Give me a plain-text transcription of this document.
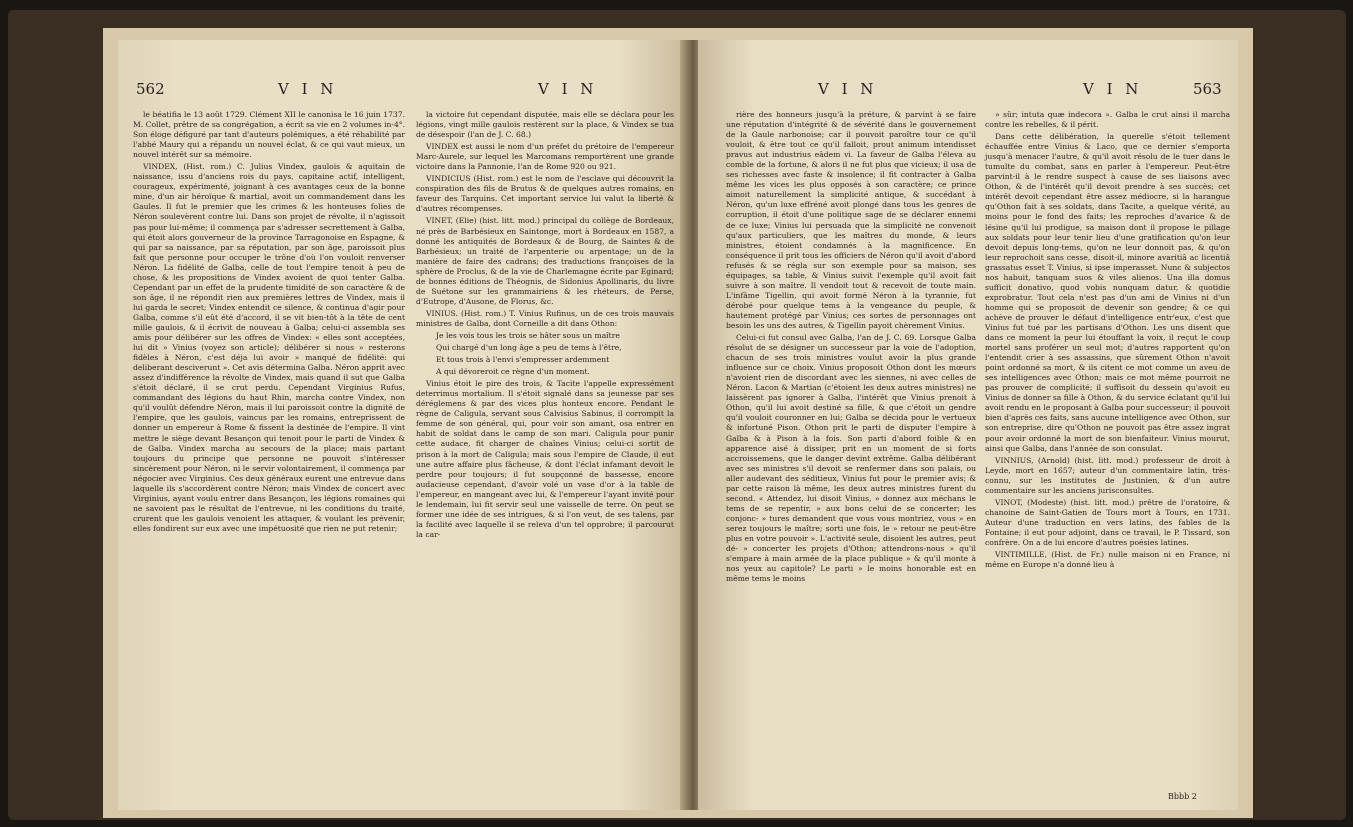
562	V I N	V I N

le béatifia le 13 août 1729. Clément XII le canonisa le 16 juin 1737. M. Collet, prêtre de sa congrégation, a écrit sa vie en 2 volumes in-4°. Son éloge défiguré par tant d'auteurs polémiques, a été réhabilité par l'abbé Maury qui a répandu un nouvel éclat, & ce qui vaut mieux, un nouvel intérêt sur sa mémoire.

VINDEX, (Hist. rom.) C. Julius Vindex, gaulois & aquitain de naissance, issu d'anciens rois du pays, capitaine actif, intelligent, courageux, expérimenté, joignant à ces avantages ceux de la bonne mine, d'un air héroïque & martial, avoit un commandement dans les Gaules. Il fut le premier que les crimes & les honteuses folies de Néron soulevèrent contre lui. Dans son projet de révolte, il n'agissoit pas pour lui-même; il commença par s'adresser secrettement à Galba, qui étoit alors gouverneur de la province Tarragonoise en Espagne, & qui par sa naissance, par sa réputation, par son âge, paroissoit plus fait que personne pour occuper le trône d'où l'on vouloit renverser Néron. La fidélité de Galba, celle de tout l'empire tenoit à peu de chose, & les propositions de Vindex avoient de quoi tenter Galba. Cependant par un effet de la prudente timidité de son caractère & de son âge, il ne répondit rien aux premières lettres de Vindex, mais il lui garda le secret; Vindex entendit ce silence, & continua d'agir pour Galba, comme s'il eût été d'accord, il se vit bien-tôt à la tête de cent mille gaulois, & il écrivit de nouveau à Galba; celui-ci assembla ses amis pour délibérer sur les offres de Vindex: « elles sont acceptées, lui dit » Vinius (voyez son article); délibérer si nous » resterons fidèles à Néron, c'est déja lui avoir » manqué de fidélité: qui deliberant desciverunt ». Cet avis détermina Galba. Néron apprit avec assez d'indifférence la révolte de Vindex, mais quand il sut que Galba s'étoit déclaré, il se crut perdu. Cependant Virginius Rufus, commandant des légions du haut Rhin, marcha contre Vindex, non qu'il voulût défendre Néron, mais il lui paroissoit contre la dignité de l'empire, que les gaulois, vaincus par les romains, entreprissent de donner un empereur à Rome & fissent la destinée de l'empire. Il vint mettre le siège devant Besançon qui tenoit pour le parti de Vindex & de Galba. Vindex marcha au secours de la place; mais partant toujours du principe que personne ne pouvoit s'intéresser sincèrement pour Néron, ni le servir volontairement, il commença par négocier avec Virginius. Ces deux généraux eurent une entrevue dans laquelle ils s'accordèrent contre Néron; mais Vindex de concert avec Virginius, ayant voulu entrer dans Besançon, les légions romaines qui ne savoient pas le résultat de l'entrevue, ni les conditions du traité, crurent que les gaulois venoient les attaquer, & voulant les prévenir, elles fondirent sur eux avec une impétuosité que rien ne put retenir;

la victoire fut cependant disputée, mais elle se déclara pour les légions, vingt mille gaulois restèrent sur la place, & Vindex se tua de désespoir (l'an de J. C. 68.)

VINDEX est aussi le nom d'un préfet du prétoire de l'empereur Marc-Aurele, sur lequel les Marcomans remportèrent une grande victoire dans la Pannonie, l'an de Rome 920 ou 921.

VINDICIUS (Hist. rom.) est le nom de l'esclave qui découvrit la conspiration des fils de Brutus & de quelques autres romains, en faveur des Tarquins. Cet important service lui valut la liberté & d'autres récompenses.

VINET, (Elie) (hist. litt. mod.) principal du collège de Bordeaux, né près de Barbésieux en Saintonge, mort à Bordeaux en 1587, a donné les antiquités de Bordeaux & de Bourg, de Saintes & de Barbésieux; un traité de l'arpenterie ou arpentage; un de la manière de faire des cadrans; des traductions françoises de la sphère de Proclus, & de la vie de Charlemagne écrite par Eginard; de bonnes éditions de Théognis, de Sidonius Apollinaris, du livre de Suétone sur les grammairiens & les rhéteurs, de Perse, d'Eutrope, d'Ausone, de Florus, &c.

VINIUS. (Hist. rom.) T. Vinius Rufinus, un de ces trois mauvais ministres de Galba, dont Corneille a dit dans Othon:

Je les vois tous les trois se hâter sous un maître

Qui chargé d'un long âge a peu de tems à l'être,

Et tous trois à l'envi s'empresser ardemment

A qui dévoreroit ce règne d'un moment.

Vinius étoit le pire des trois, & Tacite l'appelle expressément deterrimus mortalium. Il s'étoit signalé dans sa jeunesse par ses déréglemens & par des vices plus honteux encore. Pendant le règne de Caligula, servant sous Calvisius Sabinus, il corrompit la femme de son général, qui, pour voir son amant, osa entrer en habit de soldat dans le camp de son mari. Caligula pour punir cette audace, fit charger de chaînes Vinius; celui-ci sortit de prison à la mort de Caligula; mais sous l'empire de Claude, il eut une autre affaire plus fâcheuse, & dont l'éclat infamant devoit le perdre pour toujours; il fut soupçonné de bassesse, encore audacieuse cependant, d'avoir volé un vase d'or à la table de l'empereur, en mangeant avec lui, & l'empereur l'ayant invité pour le lendemain, lui fit servir seul une vaisselle de terre. On peut se former une idée de ses intrigues, & si l'on veut, de ses talens, par la facilité avec laquelle il se releva d'un tel opprobre; il parcourut la car-

V I N	V I N	563

rière des honneurs jusqu'à la préture, & parvint à se faire une réputation d'intégrité & de sévérité dans le gouvernement de la Gaule narbonoise; car il pouvoit paroître tour ce qu'il vouloit, & être tout ce qu'il falloit, prout animum intendisset pravus aut industrius eâdem vi. La faveur de Galba l'éleva au comble de la fortune, & alors il ne fut plus que vicieux; il usa de ses richesses avec faste & insolence; il fit contracter à Galba même les vices les plus opposés à son caractère; ce prince aimoit naturellement la simplicité antique, & succédant à Néron, qu'un luxe effréné avoit plongé dans tous les genres de corruption, il étoit d'une politique sage de se déclarer ennemi de ce luxe; Vinius lui persuada que la simplicité ne convenoit qu'aux particuliers, que les maîtres du monde, & leurs ministres, étoient condamnés à la magnificence. En conséquence il prit tous les officiers de Néron qu'il avoit d'abord refusés & se régla sur son exemple pour sa maison, ses équipages, sa table, & Vinius suivit l'exemple qu'il avoit fait suivre à son maître. Il vendoit tout & recevoit de toute main. L'infâme Tigellin, qui avoit formé Néron à la tyrannie, fut dérobé pour quelque tems à la vengeance du peuple, & hautement protégé par Vinius; ces sortes de personnages ont besoin les uns des autres, & Tigellin payoit chèrement Vinius.

Celui-ci fut consul avec Galba, l'an de J. C. 69. Lorsque Galba résolut de se désigner un successeur par la voie de l'adoption, chacun de ses trois ministres voulut avoir la plus grande influence sur ce choix. Vinius proposoit Othon dont les mœurs n'avoient rien de discordant avec les siennes, ni avec celles de Néron. Lacon & Martian (c'étoient les deux autres ministres) ne laissèrent pas ignorer à Galba, l'intérêt que Vinius prenoit à Othon, qu'il lui avoit destiné sa fille, & que c'étoit un gendre qu'il vouloit couronner en lui; Galba se décida pour le vertueux & infortuné Pison. Othon prit le parti de disputer l'empire à Galba & à Pison à la fois. Son parti d'abord foible & en apparence aisé à dissiper, prit en un moment de si forts accroissemens, que le danger devint extrême. Galba délibérant avec ses ministres s'il devoit se renfermer dans son palais, ou aller audevant des séditieux, Vinius fut pour le premier avis; & par cette raison là même, les deux autres ministres furent du second. « Attendez, lui disoit Vinius, » donnez aux méchans le tems de se repentir, » aux bons celui de se concerter; les conjonc- » tures demandent que vous vous montriez, vous » en serez toujours le maître; sorti une fois, le » retour ne peut-être plus en votre pouvoir ». L'activité seule, disoient les autres, peut dé- » concerter les projets d'Othon; attendrons-nous » qu'il s'empare à main armée de la place publique » & qu'il monte à nos yeux au capitole? Le parti » le moins honorable est en même tems le moins

» sûr; intuta quæ indecora ». Galba le crut ainsi il marcha contre les rebelles, & il périt.

Dans cette délibération, la querelle s'étoit tellement échauffée entre Vinius & Laco, que ce dernier s'emporta jusqu'à menacer l'autre, & qu'il avoit résolu de le tuer dans le tumulte du combat, sans en parler à l'empereur. Peut-être parvint-il à le rendre suspect à cause de ses liaisons avec Othon, & de l'intérêt qu'il devoit prendre à ses succès; cet intérêt devoit cependant être assez médiocre, si la harangue qu'Othon fait à ses soldats, dans Tacite, a quelque vérité, au moins pour le fond des faits; les reproches d'avarice & de lésine qu'il lui prodigue, sa maison dont il propose le pillage aux soldats pour leur tenir lieu d'une gratification qu'on leur devoit depuis long-tems, qu'on ne leur donnoit pas, & qu'on leur reprochoit sans cesse, disoit-il, minore avaritiâ ac licentiâ grassatus esset T. Vinius, si ipse imperasset. Nunc & subjectos nos habuit, tanquam suos & viles alienos. Una illa domus sufficit donativo, quod vobis nunquam datur, & quotidie exprobratur. Tout cela n'est pas d'un ami de Vinius ni d'un homme qui se proposoit de devenir son gendre; & ce qui achève de prouver le défaut d'intelligence entr'eux, c'est que Vinius fut tué par les partisans d'Othon. Les uns disent que dans ce moment la peur lui étouffant la voix, il reçut le coup mortel sans proférer un seul mot; d'autres rapportent qu'on l'entendit crier à ses assassins, que sûrement Othon n'avoit point ordonné sa mort, & ils citent ce mot comme un aveu de ses intelligences avec Othon; mais ce mot même pourroit ne pas prouver de complicité; il suffisoit du dessein qu'avoit eu Vinius de donner sa fille à Othon, & du service éclatant qu'il lui avoit rendu en le proposant à Galba pour successeur; il pouvoit bien d'après ces faits, sans aucune intelligence avec Othon, sur son entreprise, dire qu'Othon ne pouvoit pas être assez ingrat pour avoir ordonné la mort de son bienfaiteur. Vinius mourut, ainsi que Galba, dans l'année de son consulat.

VINNIUS, (Arnold) (hist. litt. mod.) professeur de droit à Leyde, mort en 1657; auteur d'un commentaire latin, très-connu, sur les institutes de Justinien, & d'un autre commentaire sur les anciens jurisconsultes.

VINOT, (Modeste) (hist. litt. mod.) prêtre de l'oratoire, & chanoine de Saint-Gatien de Tours mort à Tours, en 1731. Auteur d'une traduction en vers latins, des fables de la Fontaine; il eut pour adjoint, dans ce travail, le P. Tissard, son confrère. On a de lui encore d'autres poésies latines.

VINTIMILLE, (Hist. de Fr.) nulle maison ni en France, ni même en Europe n'a donné lieu à

Bbbb 2
